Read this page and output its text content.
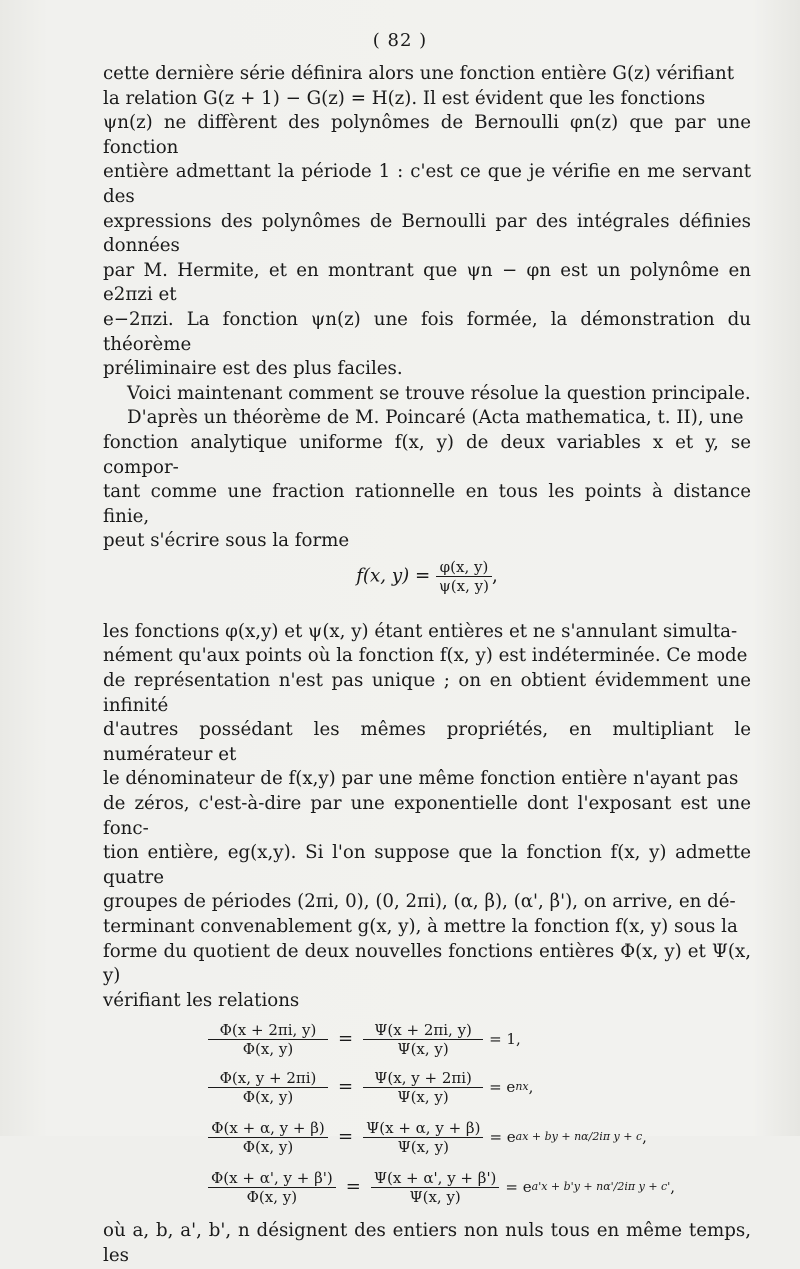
( 82 )

cette dernière série définira alors une fonction entière G(z) vérifiant

la relation G(z + 1) − G(z) = H(z). Il est évident que les fonctions

ψn(z) ne diffèrent des polynômes de Bernoulli φn(z) que par une fonction

entière admettant la période 1 : c'est ce que je vérifie en me servant des

expressions des polynômes de Bernoulli par des intégrales définies données

par M. Hermite, et en montrant que ψn − φn est un polynôme en e2πzi et

e−2πzi. La fonction ψn(z) une fois formée, la démonstration du théorème

préliminaire est des plus faciles.

Voici maintenant comment se trouve résolue la question principale.

D'après un théorème de M. Poincaré (Acta mathematica, t. II), une

fonction analytique uniforme f(x, y) de deux variables x et y, se compor-

tant comme une fraction rationnelle en tous les points à distance finie,

peut s'écrire sous la forme

f(x, $y) = \frac{\varphi(x, y)}{\psi(x, y)}$ ,

les fonctions φ(x,y) et ψ(x, y) étant entières et ne s'annulant simulta-

nément qu'aux points où la fonction f(x, y) est indéterminée. Ce mode

de représentation n'est pas unique ; on en obtient évidemment une infinité

d'autres possédant les mêmes propriétés, en multipliant le numérateur et

le dénominateur de f(x,y) par une même fonction entière n'ayant pas

de zéros, c'est-à-dire par une exponentielle dont l'exposant est une fonc-

tion entière, eg(x,y). Si l'on suppose que la fonction f(x, y) admette quatre

groupes de périodes (2πi, 0), (0, 2πi), (α, β), (α', β'), on arrive, en dé-

terminant convenablement g(x, y), à mettre la fonction f(x, y) sous la

forme du quotient de deux nouvelles fonctions entières Φ(x, y) et Ψ(x, y)

vérifiant les relations

$\frac{\Phi(x + 2\pi i, y)}{\Phi(x, y)} = \frac{\Psi(x + 2\pi i, y)}{\Psi(x, y)} = 1$,
$\frac{\Phi(x, y + 2\pi i)}{\Phi(x, y)} = \frac{\Psi(x, y + 2\pi i)}{\Psi(x, y)} = e$ nx ,
$\frac{\Phi(x + \alpha, y + \beta)}{\Phi(x, y)} = \frac{\Psi(x + \alpha, y + \beta)}{\Psi(x, y)} = e$ ax + by + nα/2iπ y + c ,
$\frac{\Phi(x + \alpha', y + \beta')}{\Phi(x, y)} = \frac{\Psi(x + \alpha', y + \beta')}{\Psi(x, y)} = e$ a'x + b'y + nα'/2iπ y + c' ,

où a, b, a', b', n désignent des entiers non nuls tous en même temps, les
